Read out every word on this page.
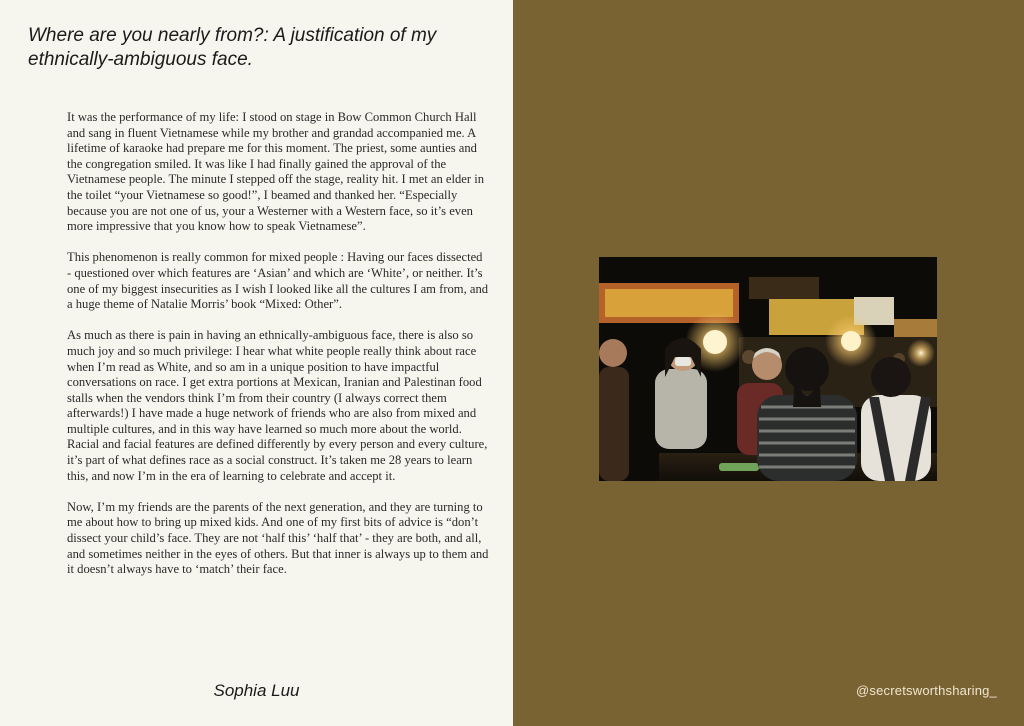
Where are you nearly from?: A justification of my ethnically-ambiguous face.

It was the performance of my life: I stood on stage in Bow Common Church Hall and sang in fluent Vietnamese while my brother and grandad accompanied me. A lifetime of karaoke had prepare me for this moment. The priest, some aunties and the congregation smiled. It was like I had finally gained the approval of the Vietnamese people. The minute I stepped off the stage, reality hit. I met an elder in the toilet “your Vietnamese so good!”, I beamed and thanked her. “Especially because you are not one of us, your a Westerner with a Western face, so it’s even more impressive that you know how to speak Vietnamese”.

This phenomenon is really common for mixed people : Having our faces dissected - questioned over which features are ‘Asian’ and which are ‘White’, or neither. It’s one of my biggest insecurities as I wish I looked like all the cultures I am from, and a huge theme of Natalie Morris’ book “Mixed: Other”.

As much as there is pain in having an ethnically-ambiguous face, there is also so much joy and so much privilege: I hear what white people really think about race when I’m read as White, and so am in a unique position to have impactful conversations on race. I get extra portions at Mexican, Iranian and Palestinan food stalls when the vendors think I’m from their country (I always correct them afterwards!) I have made a huge network of friends who are also from mixed and multiple cultures, and in this way have learned so much more about the world. Racial and facial features are defined differently by every person and every culture, it’s part of what defines race as a social construct. It’s taken me 28 years to learn this, and now I’m in the era of learning to celebrate and accept it.

Now, I’m my friends are the parents of the next generation, and they are turning to me about how to bring up mixed kids. And one of my first bits of advice is “don’t dissect your child’s face. They are not ‘half this’ ‘half that’ - they are both, and all, and sometimes neither in the eyes of others. But that inner is always up to them and it doesn’t always have to ‘match’ their face.

Sophia Luu	@secretsworthsharing_
